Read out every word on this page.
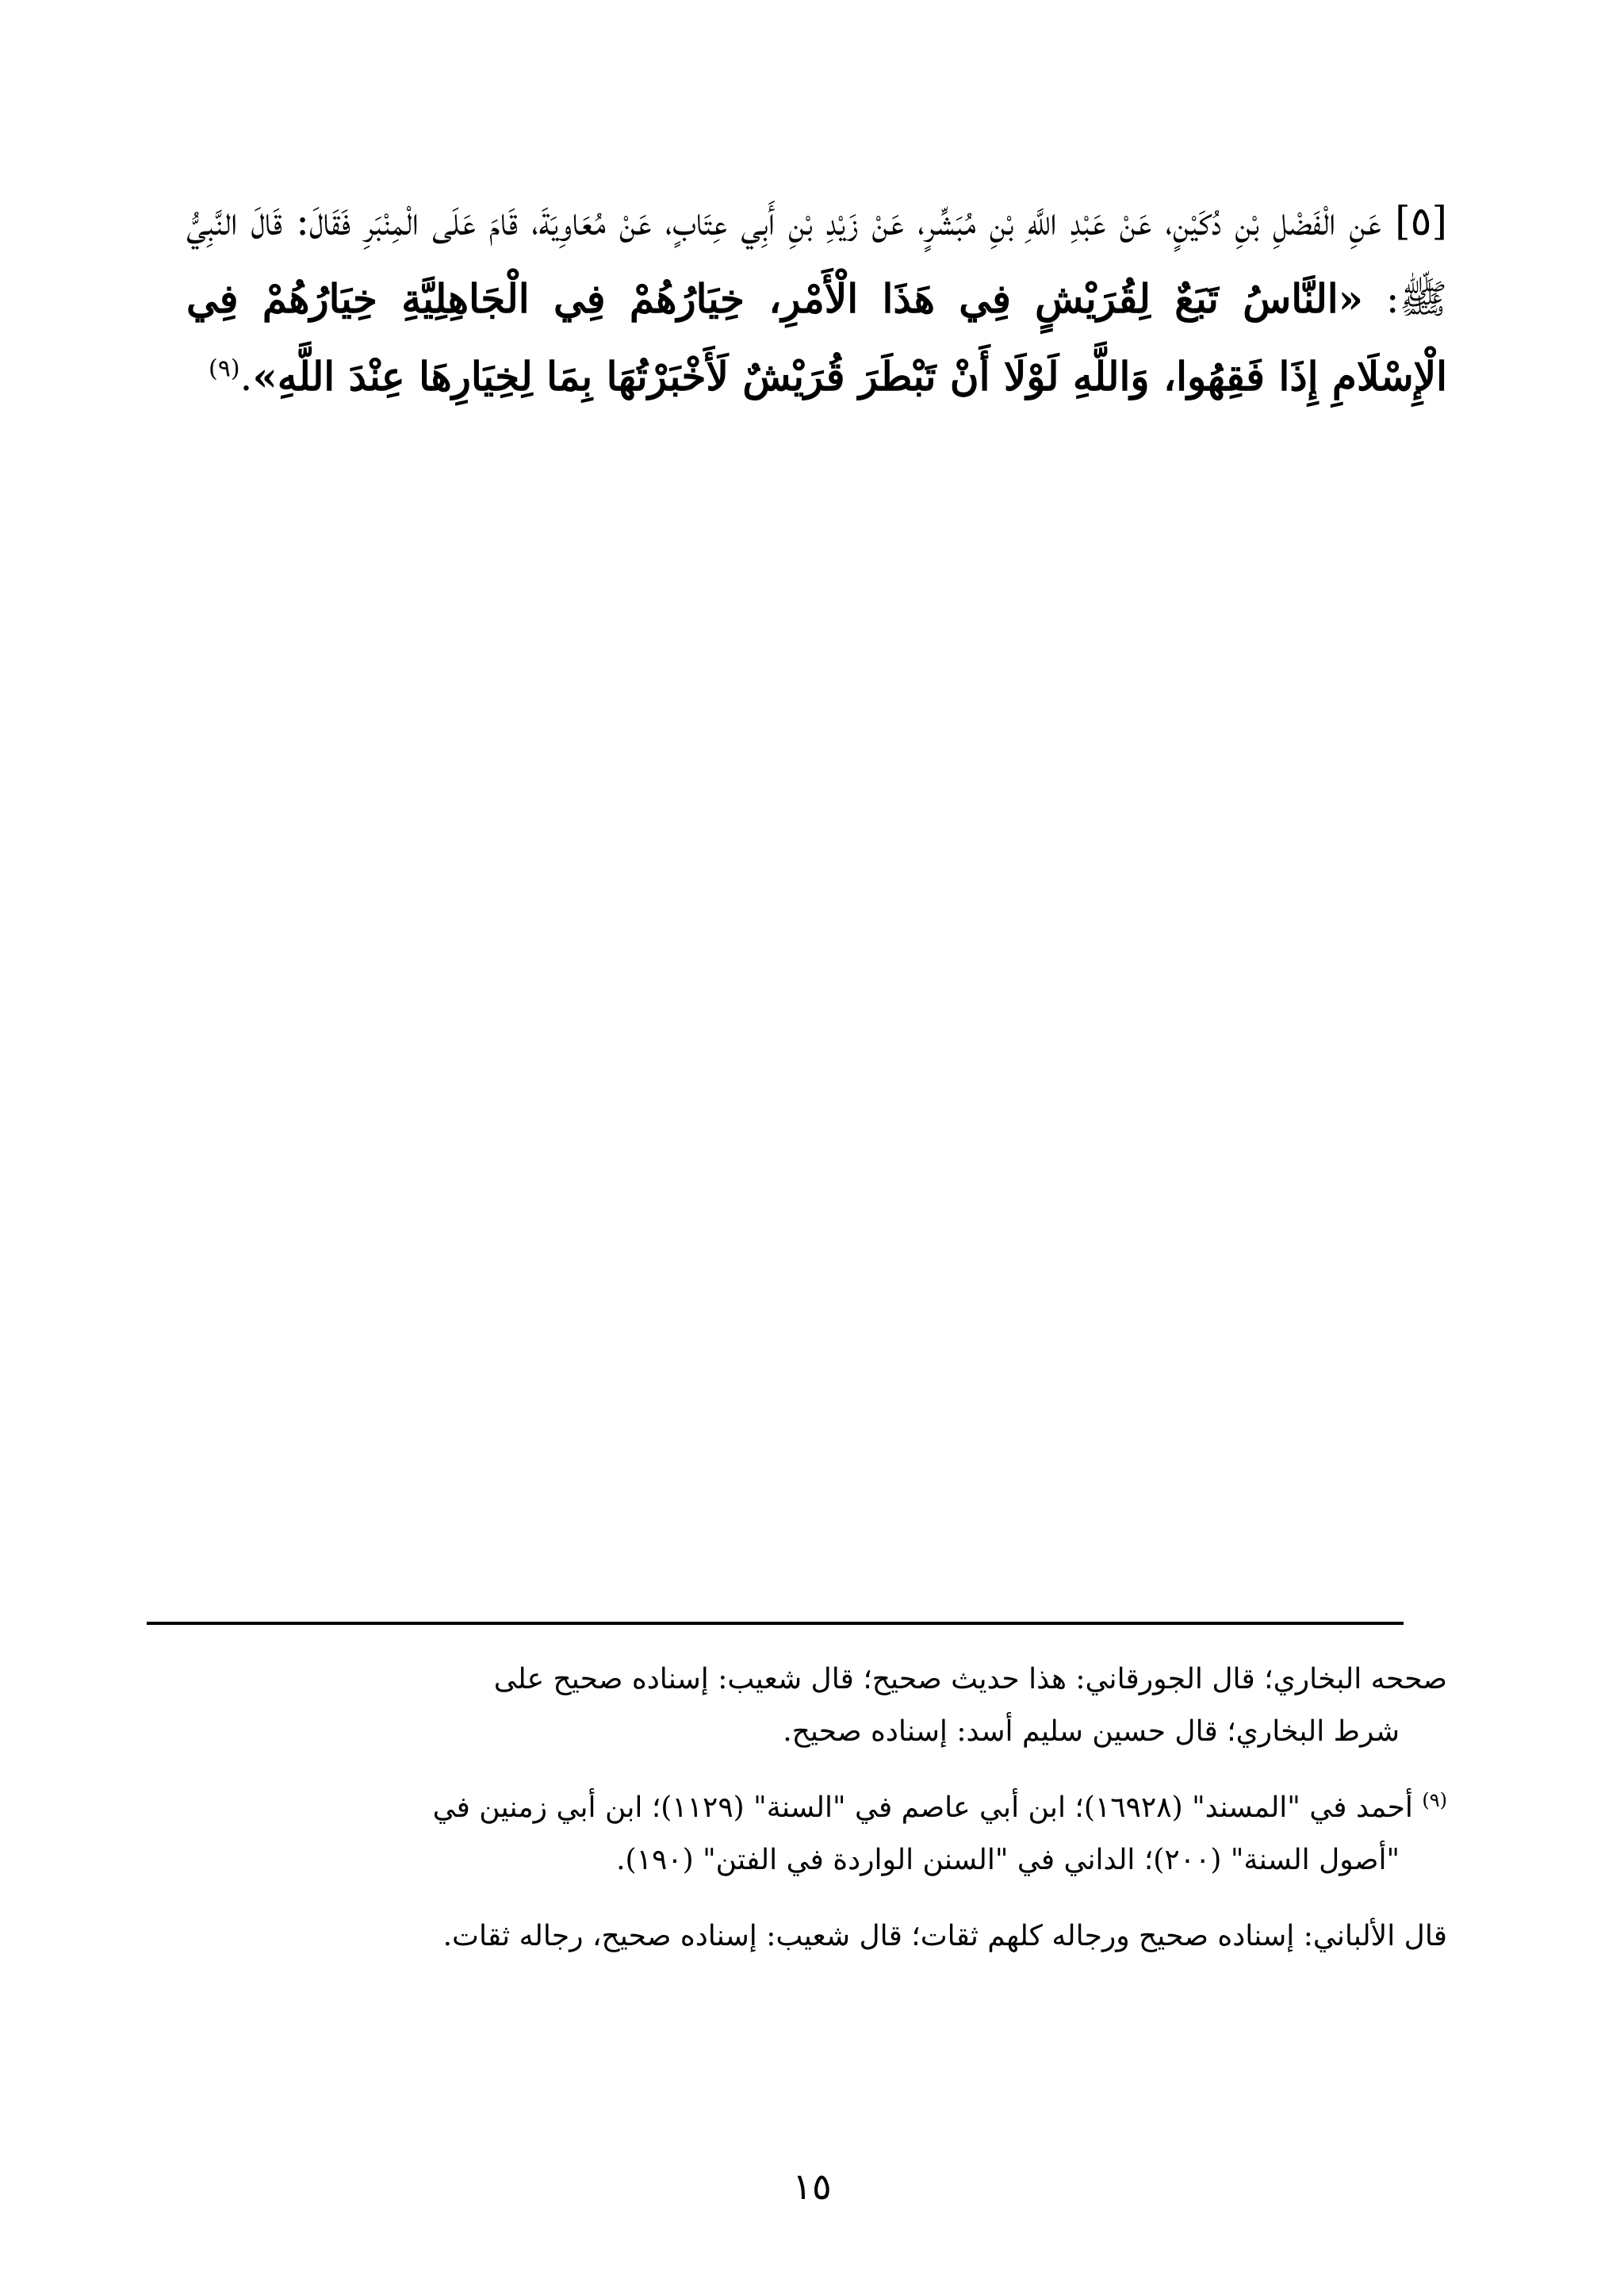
[٥] عَنِ الْفَضْلِ بْنِ دُكَيْنٍ، عَنْ عَبْدِ اللَّهِ بْنِ مُبَشِّرٍ، عَنْ زَيْدِ بْنِ أَبِي عِتَابٍ، عَنْ مُعَاوِيَةَ، قَامَ عَلَى الْمِنْبَرِ فَقَالَ: قَالَ النَّبِيُّ ﷺ: «النَّاسُ تَبَعٌ لِقُرَيْشٍ فِي هَذَا الْأَمْرِ، خِيَارُهُمْ فِي الْجَاهِلِيَّةِ خِيَارُهُمْ فِي الْإِسْلَامِ إِذَا فَقِهُوا، وَاللَّهِ لَوْلَا أَنْ تَبْطَرَ قُرَيْشٌ لَأَخْبَرْتُهَا بِمَا لِخِيَارِهَا عِنْدَ اللَّهِ».$^{(٩)}$

صححه البخاري؛ قال الجورقاني: هذا حديث صحيح؛ قال شعيب: إسناده صحيح على
شرط البخاري؛ قال حسين سليم أسد: إسناده صحيح.

$^{(٩)}$ أحمد في "المسند" (١٦٩٢٨)؛ ابن أبي عاصم في "السنة" (١١٢٩)؛ ابن أبي زمنين في
"أصول السنة" (٢٠٠)؛ الداني في "السنن الواردة في الفتن" (١٩٠).

قال الألباني: إسناده صحيح ورجاله كلهم ثقات؛ قال شعيب: إسناده صحيح، رجاله ثقات.

١٥
